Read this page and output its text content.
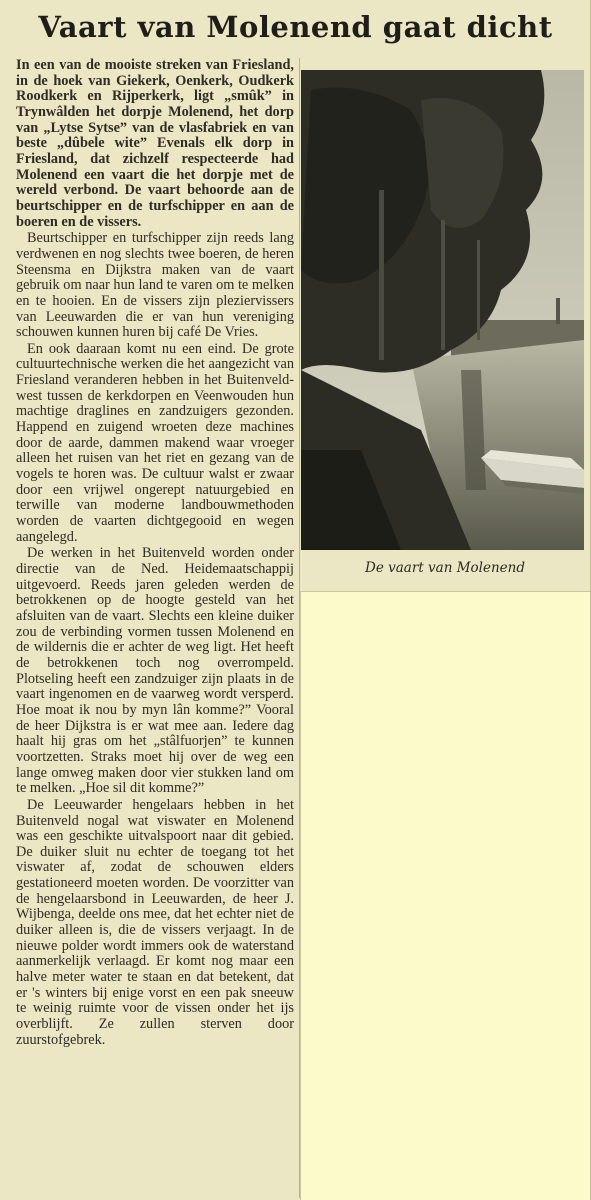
Vaart van Molenend gaat dicht

In een van de mooiste streken van Friesland, in de hoek van Giekerk, Oenkerk, Oudkerk Roodkerk en Rijperkerk, ligt „smûk” in Trynwâlden het dorpje Molenend, het dorp van „Lytse Sytse” van de vlasfabriek en van beste „dûbele wite” Evenals elk dorp in Friesland, dat zichzelf respecteerde had Molenend een vaart die het dorpje met de wereld verbond. De vaart behoorde aan de beurtschipper en de turfschipper en aan de boeren en de vissers.

Beurtschipper en turfschipper zijn reeds lang verdwenen en nog slechts twee boeren, de heren Steensma en Dijkstra maken van de vaart gebruik om naar hun land te varen om te melken en te hooien. En de vissers zijn pleziervissers van Leeuwarden die er van hun vereniging schouwen kunnen huren bij café De Vries.

En ook daaraan komt nu een eind. De grote cultuurtechnische werken die het aangezicht van Friesland veranderen hebben in het Buitenveld-west tussen de kerkdorpen en Veenwouden hun machtige draglines en zandzuigers gezonden. Happend en zuigend wroeten deze machines door de aarde, dammen makend waar vroeger alleen het ruisen van het riet en gezang van de vogels te horen was. De cultuur walst er zwaar door een vrijwel ongerept natuurgebied en terwille van moderne landbouwmethoden worden de vaarten dichtgegooid en wegen aangelegd.

De werken in het Buitenveld worden onder directie van de Ned. Heidemaatschappij uitgevoerd. Reeds jaren geleden werden de betrokkenen op de hoogte gesteld van het afsluiten van de vaart. Slechts een kleine duiker zou de verbinding vormen tussen Molenend en de wildernis die er achter de weg ligt. Het heeft de betrokkenen toch nog overrompeld. Plotseling heeft een zandzuiger zijn plaats in de vaart ingenomen en de vaarweg wordt versperd. Hoe moat ik nou by myn lân komme?” Vooral de heer Dijkstra is er wat mee aan. Iedere dag haalt hij gras om het „stâlfuorjen” te kunnen voortzetten. Straks moet hij over de weg een lange omweg maken door vier stukken land om te melken. „Hoe sil dit komme?”

De Leeuwarder hengelaars hebben in het Buitenveld nogal wat viswater en Molenend was een geschikte uitvalspoort naar dit gebied. De duiker sluit nu echter de toegang tot het viswater af, zodat de schouwen elders gestationeerd moeten worden. De voorzitter van de hengelaarsbond in Leeuwarden, de heer J. Wijbenga, deelde ons mee, dat het echter niet de duiker alleen is, die de vissers verjaagt. In de nieuwe polder wordt immers ook de waterstand aanmerkelijk verlaagd. Er komt nog maar een halve meter water te staan en dat betekent, dat er 's winters bij enige vorst en een pak sneeuw te weinig ruimte voor de vissen onder het ijs overblijft. Ze zullen sterven door zuurstofgebrek.

De vaart van Molenend
